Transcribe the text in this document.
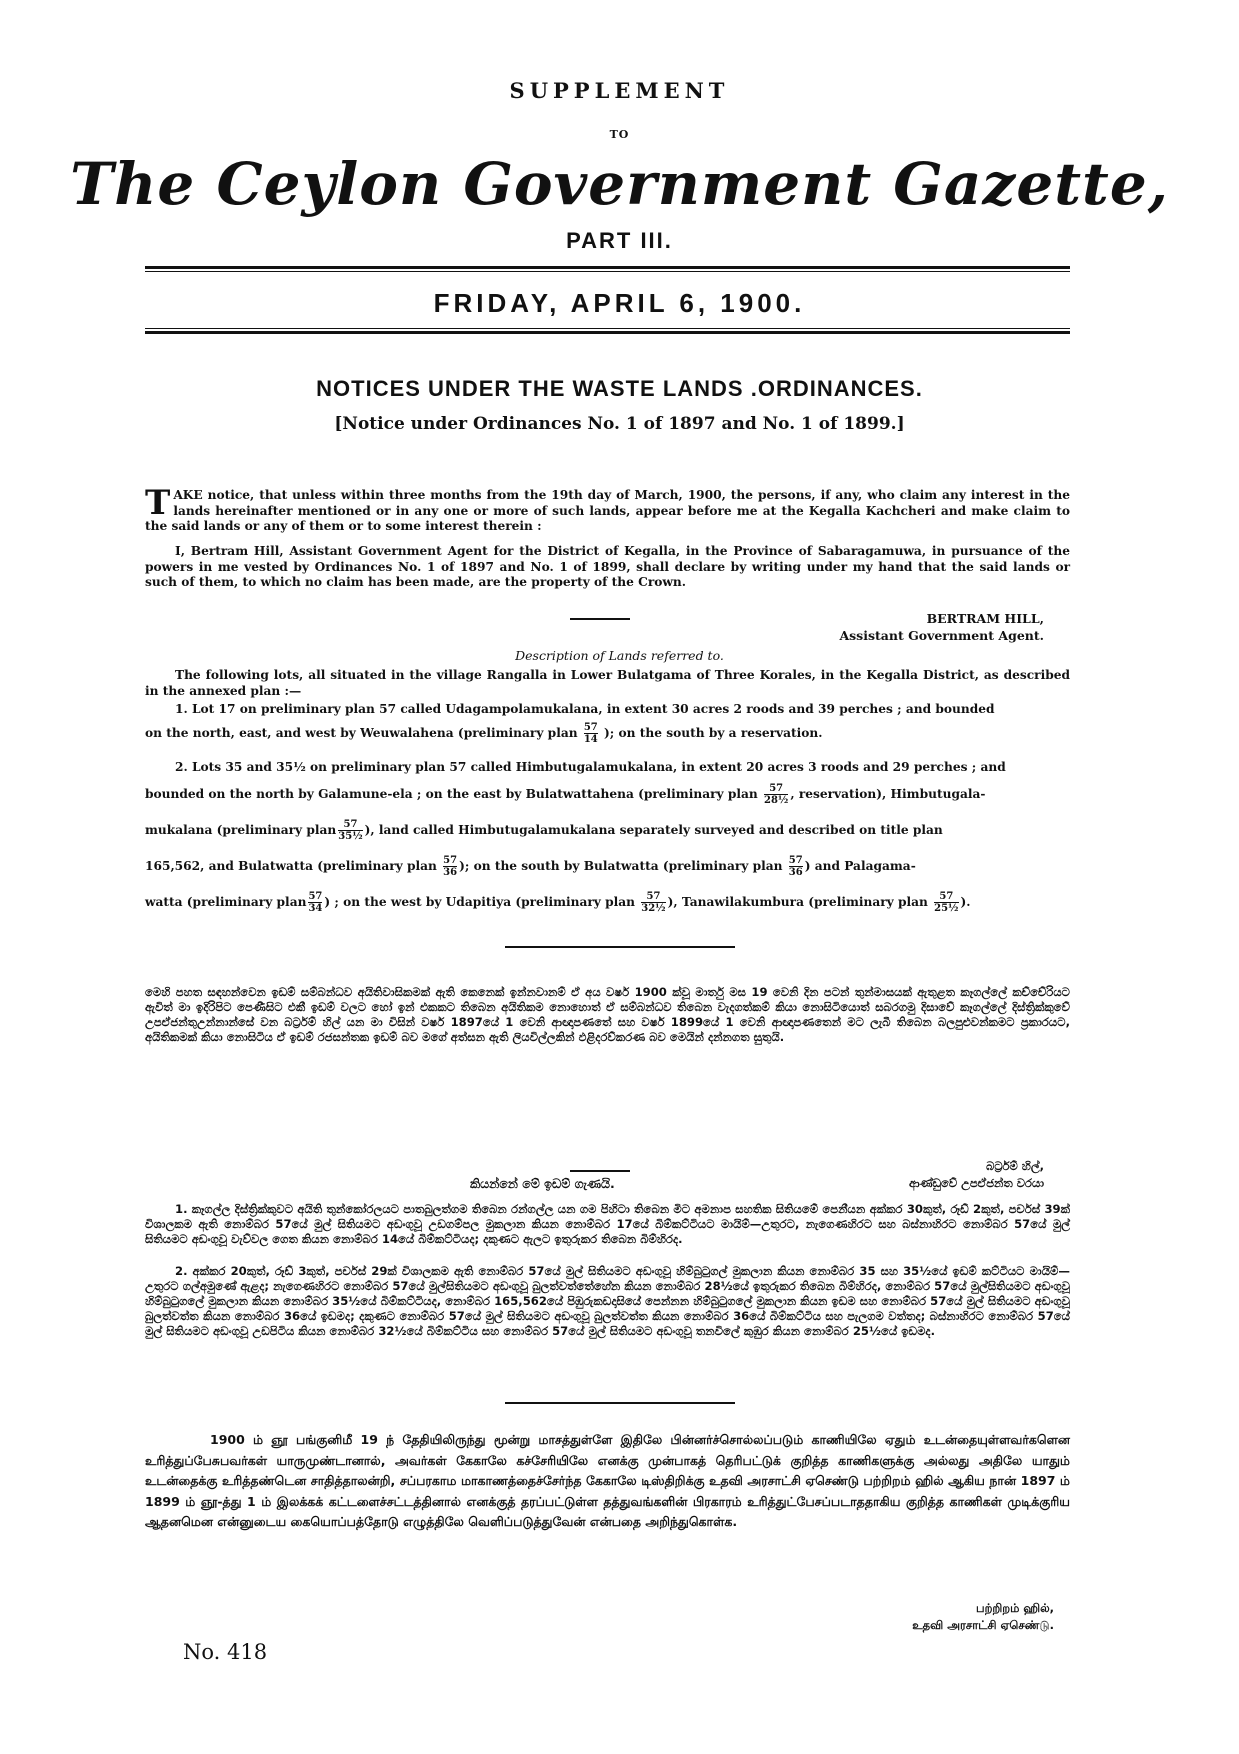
SUPPLEMENT
TO
The Ceylon Government Gazette,
PART III.
FRIDAY, APRIL 6, 1900.
NOTICES UNDER THE WASTE LANDS .ORDINANCES.
[Notice under Ordinances No. 1 of 1897 and No. 1 of 1899.]
T AKE notice, that unless within three months from the 19th day of March, 1900, the persons, if any, who claim any interest in the lands hereinafter mentioned or in any one or more of such lands, appear before me at the Kegalla Kachcheri and make claim to the said lands or any of them or to some interest therein :
I, Bertram Hill, Assistant Government Agent for the District of Kegalla, in the Province of Sabaragamuwa, in pursuance of the powers in me vested by Ordinances No. 1 of 1897 and No. 1 of 1899, shall declare by writing under my hand that the said lands or such of them, to which no claim has been made, are the property of the Crown.
BERTRAM HILL,
Assistant Government Agent.
Description of Lands referred to.
The following lots, all situated in the village Rangalla in Lower Bulatgama of Three Korales, in the Kegalla District, as described in the annexed plan :—
1. Lot 17 on preliminary plan 57 called Udagampolamukalana, in extent 30 acres 2 roods and 39 perches ; and bounded
on the north, east, and west by Weuwalahena (preliminary plan $\frac{57}{14}$ ); on the south by a reservation.
2. Lots 35 and 35½ on preliminary plan 57 called Himbutugalamukalana, in extent 20 acres 3 roods and 29 perches ; and
bounded on the north by Galamune-ela ; on the east by Bulatwattahena (preliminary plan $\frac{57}{\text{28½}}$ , reservation), Himbutugala-
mukalana (preliminary plan $\frac{57}{\text{35½}}$ ), land called Himbutugalamukalana separately surveyed and described on title plan
165,562, and Bulatwatta (preliminary plan $\frac{57}{36}$ ); on the south by Bulatwatta (preliminary plan $\frac{57}{36}$ ) and Palagama-
watta (preliminary plan $\frac{57}{34}$ ) ; on the west by Udapitiya (preliminary plan $\frac{57}{\text{32½}}$ ), Tanawilakumbura (preliminary plan $\frac{57}{\text{25½}}$ ).
මෙහි පහත සඳහන්වෙන ඉඩම් සම්බන්ධව අයිතිවාසිකමක් ඇති කෙනෙක් ඉන්නවානම් ඒ අය වර්ෂ 1900 ක්වූ මාර්තු මස 19 වෙනි දින පටන් තුන්මාසයක් ඇතුළත කෑගල්ලේ කච්චේරියට ඇවිත් මා ඉදිරිපිට පෙණීසිට එකී ඉඩම් වලට හෝ ඉන් එකකට තිබෙන අයිතිකම නොහොත් ඒ සම්බන්ධව තිබෙන වැදගත්කම් කියා නොසිටියොත් සබරගමු දිසාවේ කෑගල්ලේ දිස්ත්‍රික්කුවේ උපඒජන්තුඋන්නාන්සේ වන බර්ට්‍රම් හිල් යන මා විසින් වර්ෂ 1897යේ 1 වෙනි ආඥාපණතේ සහ වර්ෂ 1899යේ 1 වෙනි ආඥාපණතෙන් මට ලැබී තිබෙන බලපුළුවන්කමට ප්‍රකාරයට, අයිතිකමක් කියා නොසිටිය ඒ ඉඩම් රජසන්තක ඉඩම් බව මගේ අත්සන ඇති ලියවිල්ලකින් ඵළිදරව්කරණ බව මෙයින් දන්නගත සුතුයි.
බර්ට්‍රම් හිල්,
ආණ්ඩුවේ උපඒජන්ත වරයා
කියන්නේ මේ ඉඩම් ගැණයි.
1. කෑගල්ල දිස්ත්‍රික්කුවට අයිති තුන්කෝරලයට පාතබුලත්ගම තිබෙන රන්ගල්ල යන ගම පිහිටා තිබෙන මිට අමනාප සහතික සිතියමේ පෙනීයන අක්කර 30කුත්, රූඩ් 2කුත්, පර්චස් 39ක් විශාලකම ඇති නොම්බර 57යේ මුල් සිතියමට අඩංගුවූ උඩගම්පල මුකලාන කියන නොම්බර 17යේ බිම්කට්ටියට මායිම්—උතුරට, නැගෙණහිරට සහ බස්නාහිරට නොම්බර 57යේ මුල් සිතියමට අඩංගුවූ වැව්වල ගෙත කියන නොම්බර 14යේ බිම්කට්ටියද; දකුණට ඇලට ඉතුරුකර තිබෙන බිම්හිරද.
2. අක්කර 20කුත්, රූඩ් 3කුත්, පර්චස් 29ක් විශාලකම ඇති නොම්බර 57යේ මුල් සිතියමට අඩංගුවූ හිම්බුටුගල් මුකලාන කියන නොම්බර 35 සහ 35½යේ ඉඩම් කට්ටියට මායිම්—උතුරට ගල්අමුණේ ඇළද; නැගෙණහිරට නොම්බර 57යේ මුල්සිතියමට අඩංගුවූ බුලත්වත්තේහේන කියන නොම්බර 28½යේ ඉතුරුකර තිබෙන බිම්හිරද, නොම්බර 57යේ මුල්සිතියමට අඩංගුවූ හිම්බුටුගලේ මුකලාන කියන නොම්බර 35½යේ බිම්කට්ටියද, නොම්බර 165,562යේ පිඹුරුකඩදාසියේ පෙන්නන හිම්බුටුගලේ මුකලාන කියන ඉඩම සහ නොම්බර 57යේ මුල් සිතියමට අඩංගුවූ බුලත්වත්ත කියන නොම්බර 36යේ ඉඩමද; දකුණට නොම්බර 57යේ මුල් සිතියමට අඩංගුවූ බුලත්වත්ත කියන නොම්බර 36යේ බිම්කට්ටිය සහ පැලගම වත්තද; බස්නාහිරට නොම්බර 57යේ මුල් සිතියමට අඩංගුවූ උඩපිටිය කියන නොම්බර 32½යේ බිම්කට්ටිය සහ නොම්බර 57යේ මුල් සිතියමට අඩංගුවූ තනවිලේ කුඹුර කියන නොම්බර 25½යේ ඉඩමද.
1900 ம் ஞூ பங்குனிமீ 19 ந் தேதியிலிருந்து மூன்று மாசத்துள்ளே இதிலே பின்னர்ச்சொல்லப்படும் காணியிலே ஏதும் உடன்தையுள்ளவர்களென உரித்துப்பேசுபவர்கள் யாருமுண்டானால், அவர்கள் கேகாலே கச்சேரியிலே எனக்கு முன்பாகத் தெரிபட்டுக் குறித்த காணிகளுக்கு அல்லது அதிலே யாதும் உடன்தைக்கு உரித்தண்டென சாதித்தாலன்றி, சப்பரகாம மாகாணத்தைச்சேர்ந்த கேகாலே டிஸ்திறிக்கு உதவி அரசாட்சி ஏசெண்டு பற்றிறம் ஹில் ஆகிய நான் 1897 ம் 1899 ம் ஞூ-த்து 1 ம் இலக்கக் கட்டளைச்சட்டத்தினால் எனக்குத் தரப்பட்டுள்ள தத்துவங்களின் பிரகாரம் உரித்துட்பேசப்படாததாகிய குறித்த காணிகள் முடிக்குரிய ஆதனமென என்னுடைய கையொப்பத்தோடு எழுத்திலே வெளிப்படுத்துவேன் என்பதை அறிந்துகொள்க.
பற்றிறம் ஹில்,
உதவி அரசாட்சி ஏசெண்டு.
No. 418
